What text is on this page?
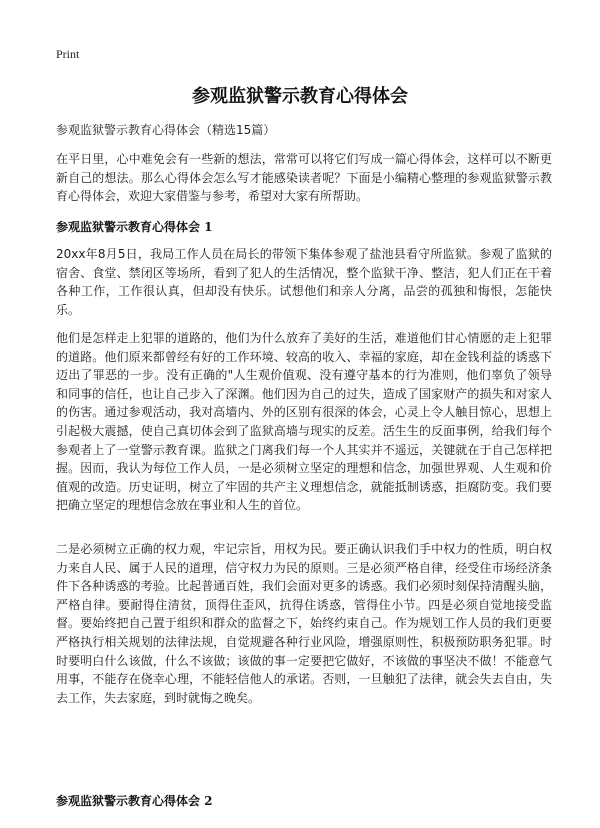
Print
参观监狱警示教育心得体会
参观监狱警示教育心得体会（精选15篇）
在平日里，心中难免会有一些新的想法，常常可以将它们写成一篇心得体会，这样可以不断更新自己的想法。那么心得体会怎么写才能感染读者呢？下面是小编精心整理的参观监狱警示教育心得体会，欢迎大家借鉴与参考，希望对大家有所帮助。
参观监狱警示教育心得体会 1
20xx年8月5日，我局工作人员在局长的带领下集体参观了盐池县看守所监狱。参观了监狱的宿舍、食堂、禁闭区等场所，看到了犯人的生活情况，整个监狱干净、整洁，犯人们正在干着各种工作，工作很认真，但却没有快乐。试想他们和亲人分离，品尝的孤独和悔恨，怎能快乐。
他们是怎样走上犯罪的道路的，他们为什么放弃了美好的生活，难道他们甘心情愿的走上犯罪的道路。他们原来都曾经有好的工作环境、较高的收入、幸福的家庭，却在金钱利益的诱惑下迈出了罪恶的一步。没有正确的"人生观价值观、没有遵守基本的行为准则，他们辜负了领导和同事的信任，也让自己步入了深渊。他们因为自己的过失，造成了国家财产的损失和对家人的伤害。通过参观活动，我对高墙内、外的区别有很深的体会，心灵上令人触目惊心，思想上引起极大震撼，使自己真切体会到了监狱高墙与现实的反差。活生生的反面事例，给我们每个参观者上了一堂警示教育课。监狱之门离我们每一个人其实并不遥远，关键就在于自己怎样把握。因而，我认为每位工作人员，一是必须树立坚定的理想和信念，加强世界观、人生观和价值观的改造。历史证明，树立了牢固的共产主义理想信念，就能抵制诱惑，拒腐防变。我们要把确立坚定的理想信念放在事业和人生的首位。
二是必须树立正确的权力观，牢记宗旨，用权为民。要正确认识我们手中权力的性质，明白权力来自人民、属于人民的道理，信守权力为民的原则。三是必须严格自律，经受住市场经济条件下各种诱惑的考验。比起普通百姓，我们会面对更多的诱惑。我们必须时刻保持清醒头脑，严格自律。要耐得住清贫，顶得住歪风，抗得住诱惑，管得住小节。四是必须自觉地接受监督。要始终把自己置于组织和群众的监督之下，始终约束自己。作为规划工作人员的我们更要严格执行相关规划的法律法规，自觉规避各种行业风险，增强原则性，积极预防职务犯罪。时时要明白什么该做，什么不该做；该做的事一定要把它做好，不该做的事坚决不做！不能意气用事，不能存在侥幸心理，不能轻信他人的承诺。否则，一旦触犯了法律，就会失去自由，失去工作，失去家庭，到时就悔之晚矣。
参观监狱警示教育心得体会 2
